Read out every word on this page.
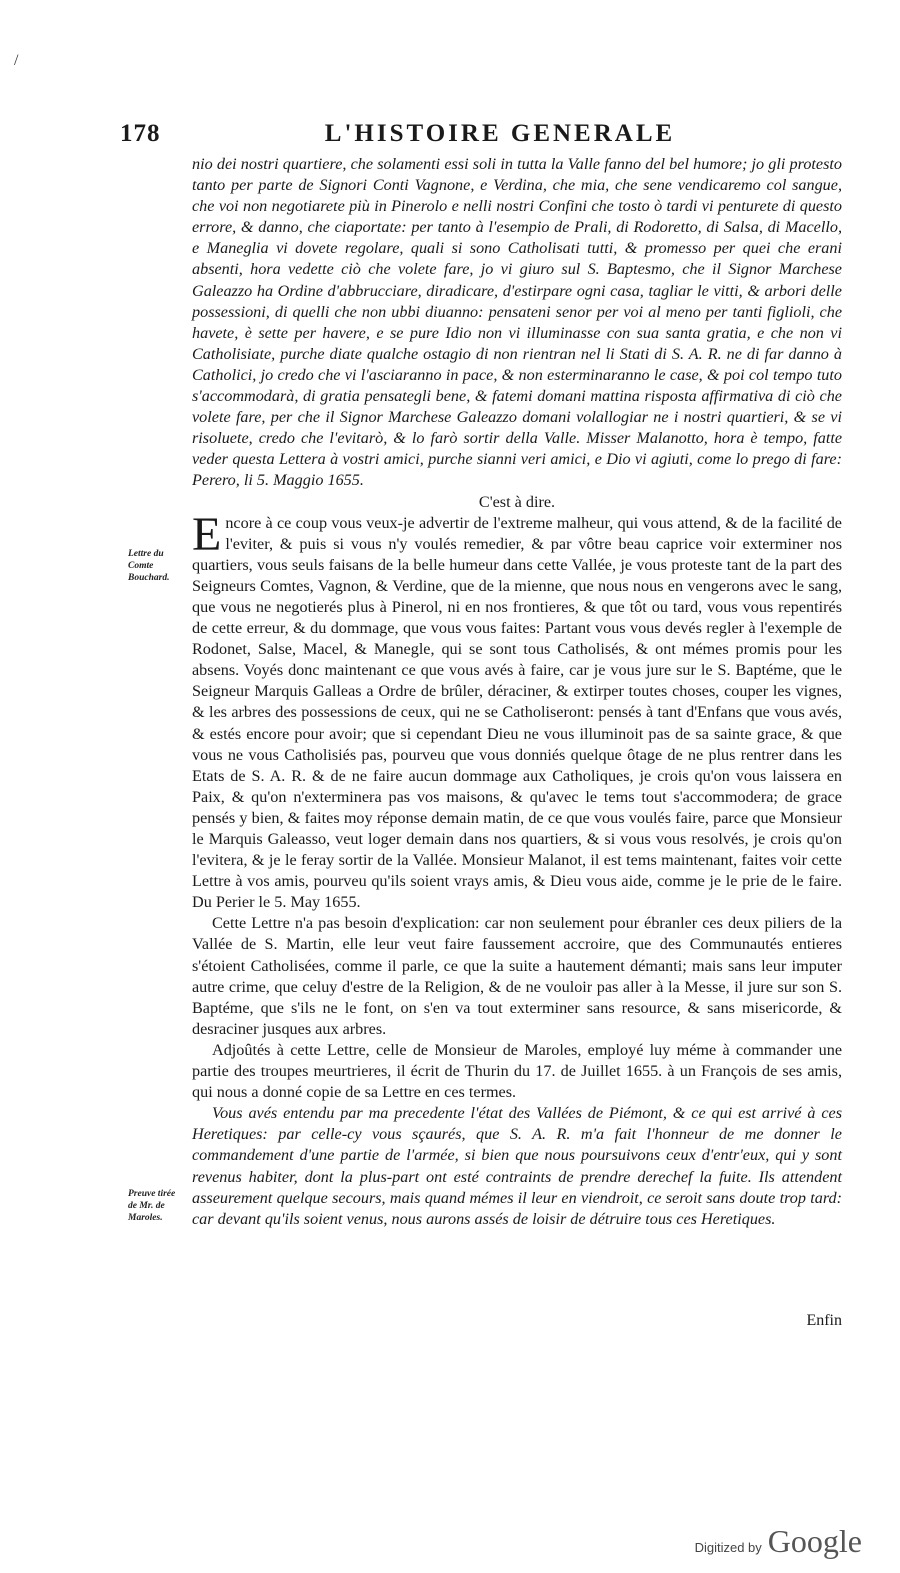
/
178	L'HISTOIRE GENERALE

nio dei nostri quartiere, che solamenti essi soli in tutta la Valle fanno del bel humore; jo gli protesto tanto per parte de Signori Conti Vagnone, e Verdina, che mia, che sene vendicaremo col sangue, che voi non negotiarete più in Pinerolo e nelli nostri Confini che tosto ò tardi vi penturete di questo errore, & danno, che ciaportate: per tanto à l'esempio de Prali, di Rodoretto, di Salsa, di Macello, e Maneglia vi dovete regolare, quali si sono Catholisati tutti, & promesso per quei che erani absenti, hora vedette ciò che volete fare, jo vi giuro sul S. Baptesmo, che il Signor Marchese Galeazzo ha Ordine d'abbrucciare, diradicare, d'estirpare ogni casa, tagliar le vitti, & arbori delle possessioni, di quelli che non ubbi diuanno: pensateni senor per voi al meno per tanti figlioli, che havete, è sette per havere, e se pure Idio non vi illuminasse con sua santa gratia, e che non vi Catholisiate, purche diate qualche ostagio di non rientran nel li Stati di S. A. R. ne di far danno à Catholici, jo credo che vi l'asciaranno in pace, & non esterminaranno le case, & poi col tempo tuto s'accommodarà, di gratia pensategli bene, & fatemi domani mattina risposta affirmativa di ciò che volete fare, per che il Signor Marchese Galeazzo domani volallogiar ne i nostri quartieri, & se vi risoluete, credo che l'evitarò, & lo farò sortir della Valle. Misser Malanotto, hora è tempo, fatte veder questa Lettera à vostri amici, purche sianni veri amici, e Dio vi agiuti, come lo prego di fare: Perero, li 5. Maggio 1655.

C'est à dire.

Encore à ce coup vous veux-je advertir de l'extreme malheur, qui vous attend, & de la facilité de l'eviter, & puis si vous n'y voulés remedier, & par vôtre beau caprice voir exterminer nos quartiers, vous seuls faisans de la belle humeur dans cette Vallée, je vous proteste tant de la part des Seigneurs Comtes, Vagnon, & Verdine, que de la mienne, que nous nous en vengerons avec le sang, que vous ne negotierés plus à Pinerol, ni en nos frontieres, & que tôt ou tard, vous vous repentirés de cette erreur, & du dommage, que vous vous faites: Partant vous vous devés regler à l'exemple de Rodonet, Salse, Macel, & Manegle, qui se sont tous Catholisés, & ont mémes promis pour les absens. Voyés donc maintenant ce que vous avés à faire, car je vous jure sur le S. Baptéme, que le Seigneur Marquis Galleas a Ordre de brûler, déraciner, & extirper toutes choses, couper les vignes, & les arbres des possessions de ceux, qui ne se Catholiseront: pensés à tant d'Enfans que vous avés, & estés encore pour avoir; que si cependant Dieu ne vous illuminoit pas de sa sainte grace, & que vous ne vous Catholisiés pas, pourveu que vous donniés quelque ôtage de ne plus rentrer dans les Etats de S. A. R. & de ne faire aucun dommage aux Catholiques, je crois qu'on vous laissera en Paix, & qu'on n'exterminera pas vos maisons, & qu'avec le tems tout s'accommodera; de grace pensés y bien, & faites moy réponse demain matin, de ce que vous voulés faire, parce que Monsieur le Marquis Galeasso, veut loger demain dans nos quartiers, & si vous vous resolvés, je crois qu'on l'evitera, & je le feray sortir de la Vallée. Monsieur Malanot, il est tems maintenant, faites voir cette Lettre à vos amis, pourveu qu'ils soient vrays amis, & Dieu vous aide, comme je le prie de le faire. Du Perier le 5. May 1655.

Cette Lettre n'a pas besoin d'explication: car non seulement pour ébranler ces deux piliers de la Vallée de S. Martin, elle leur veut faire faussement accroire, que des Communautés entieres s'étoient Catholisées, comme il parle, ce que la suite a hautement démanti; mais sans leur imputer autre crime, que celuy d'estre de la Religion, & de ne vouloir pas aller à la Messe, il jure sur son S. Baptéme, que s'ils ne le font, on s'en va tout exterminer sans resource, & sans misericorde, & desraciner jusques aux arbres.

Adjoûtés à cette Lettre, celle de Monsieur de Maroles, employé luy méme à commander une partie des troupes meurtrieres, il écrit de Thurin du 17. de Juillet 1655. à un François de ses amis, qui nous a donné copie de sa Lettre en ces termes.

Vous avés entendu par ma precedente l'état des Vallées de Piémont, & ce qui est arrivé à ces Heretiques: par celle-cy vous sçaurés, que S. A. R. m'a fait l'honneur de me donner le commandement d'une partie de l'armée, si bien que nous poursuivons ceux d'entr'eux, qui y sont revenus habiter, dont la plus-part ont esté contraints de prendre derechef la fuite. Ils attendent asseurement quelque secours, mais quand mémes il leur en viendroit, ce seroit sans doute trop tard: car devant qu'ils soient venus, nous aurons assés de loisir de détruire tous ces Heretiques.

Lettre du Comte Bouchard.
Preuve tirée de Mr. de Maroles.
Enfin
Digitized by Google
